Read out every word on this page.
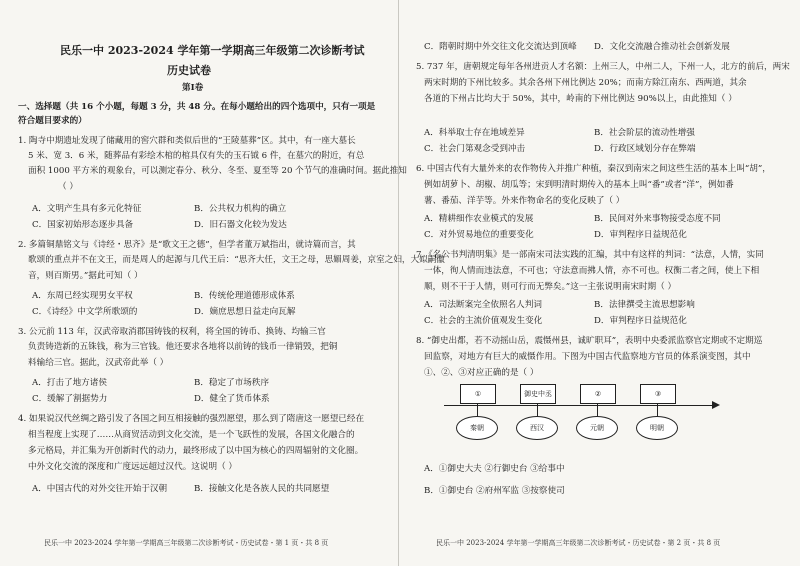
民乐一中 2023-2024 学年第一学期高三年级第二次诊断考试
历史试卷
第Ⅰ卷
一、选择题（共 16 个小题，每题 3 分，共 48 分。在每小题给出的四个选项中，只有一项是
符合题目要求的）
1. 陶寺中期遗址发现了储藏用的窖穴群和类似后世的“王陵墓葬”区。其中，有一座大墓长
5 米、宽 3．6 米，随葬品有彩绘木棺的棺具仅有失的玉石钺 6 件，在墓穴的附近，有总
面积 1000 平方米的观象台，可以测定春分、秋分、冬至、夏至等 20 个节气的准确时间。据此推知
（ ）
A．文明产生具有多元化特征	B．公共权力机构的确立
C．国家初始形态逐步具备	D．旧石器文化较为发达
2. 多篇铜鼎铭文与《诗经・思齐》是“歌文王之德”，但学者董万斌指出，就诗篇而言，其
歌颂的重点并不在文王，而是周人的起源与几代王后：“思齐大任，文王之母，思媚周姜，京室之妇，大姒嗣徽
音，则百斯男。”据此可知（ ）
A．东周已经实现男女平权	B．传统伦理道德形成体系
C．《诗经》中文学所歌颂的	D．嫡庶思想日益走向瓦解
3. 公元前 113 年，汉武帝取消郡国铸钱的权利，将全国的铸币、换铸、均输三官
负责铸造新的五铢钱，称为三官钱。他还要求各地将以前铸的钱币一律销毁，把铜
料输给三官。据此，汉武帝此举（ ）
A．打击了地方诸侯	B．稳定了市场秩序
C．缓解了割据势力	D．健全了货币体系
4. 如果说汉代丝绸之路引发了各国之间互相接触的强烈愿望，那么到了隋唐这一愿望已经在
相当程度上实现了……从商贸活动到文化交流，是一个飞跃性的发展，各国文化融合的
多元格局，并汇集为开创新时代的动力，最终形成了以中国为核心的四周辐射的文化圈。
中外文化交流的深度和广度远远超过汉代。这说明（ ）
A．中国古代的对外交往开始于汉朝	B．接触文化是各族人民的共同愿望
民乐一中 2023-2024 学年第一学期高三年级第二次诊断考试・历史试卷・第 1 页・共 8 页
C．隋朝时期中外交往文化交流达到顶峰 D．文化交流融合推动社会创新发展
5. 737 年，唐朝规定每年各州进贡人才名额：上州三人，中州二人，下州一人，北方的前后，两宋
两宋时期的下州比较多。其余各州下州比例达 20%；而南方除江南东、西两道，其余
各道的下州占比均大于 50%，其中，岭南的下州比例达 90%以上，由此推知（ ）
A．科举取士存在地域差异	B．社会阶层的流动性增强
C．社会门第观念受到冲击	D．行政区域划分存在弊端
6. 中国古代有大量外来的农作物传入并推广种植，秦汉到南宋之间这些生活的基本上叫“胡”，
例如胡萝卜、胡椒、胡瓜等；宋到明清时期传入的基本上叫“番”或者“洋”，例如番
薯、番茄、洋芋等。外来作物命名的变化反映了（ ）
A．精耕细作农业模式的发展	B．民间对外来事物接受态度不同
C．对外贸易地位的重要变化	D．审判程序日益规范化
7.《名公书判清明集》是一部南宋司法实践的汇编，其中有这样的判词：“法意，人情，实同
一体，徇人情而违法意，不可也；守法意而拂人情，亦不可也。权衡二者之间，使上下相
顺，则不干于人情，则可行而无弊矣。”这一主张说明南宋时期（ ）
A．司法断案完全依照名人判词	B．法律撰受主流思想影响
C．社会的主流价值观发生变化	D．审判程序日益规范化
8. “御史出都，若不动摇山岳，震慑州县，诚旷职耳”，表明中央委派监察官定期或不定期巡
回监察，对地方有巨大的威慑作用。下图为中国古代监察地方官员的体系演变图，其中
①、②、③对应正确的是（ ）
①	御史中丞	②	③
秦朝	西汉	元朝	明朝
A．①御史大夫 ②行御史台 ③给事中
B．①御史台 ②府州军监 ③按察使司
民乐一中 2023-2024 学年第一学期高三年级第二次诊断考试・历史试卷・第 2 页・共 8 页
